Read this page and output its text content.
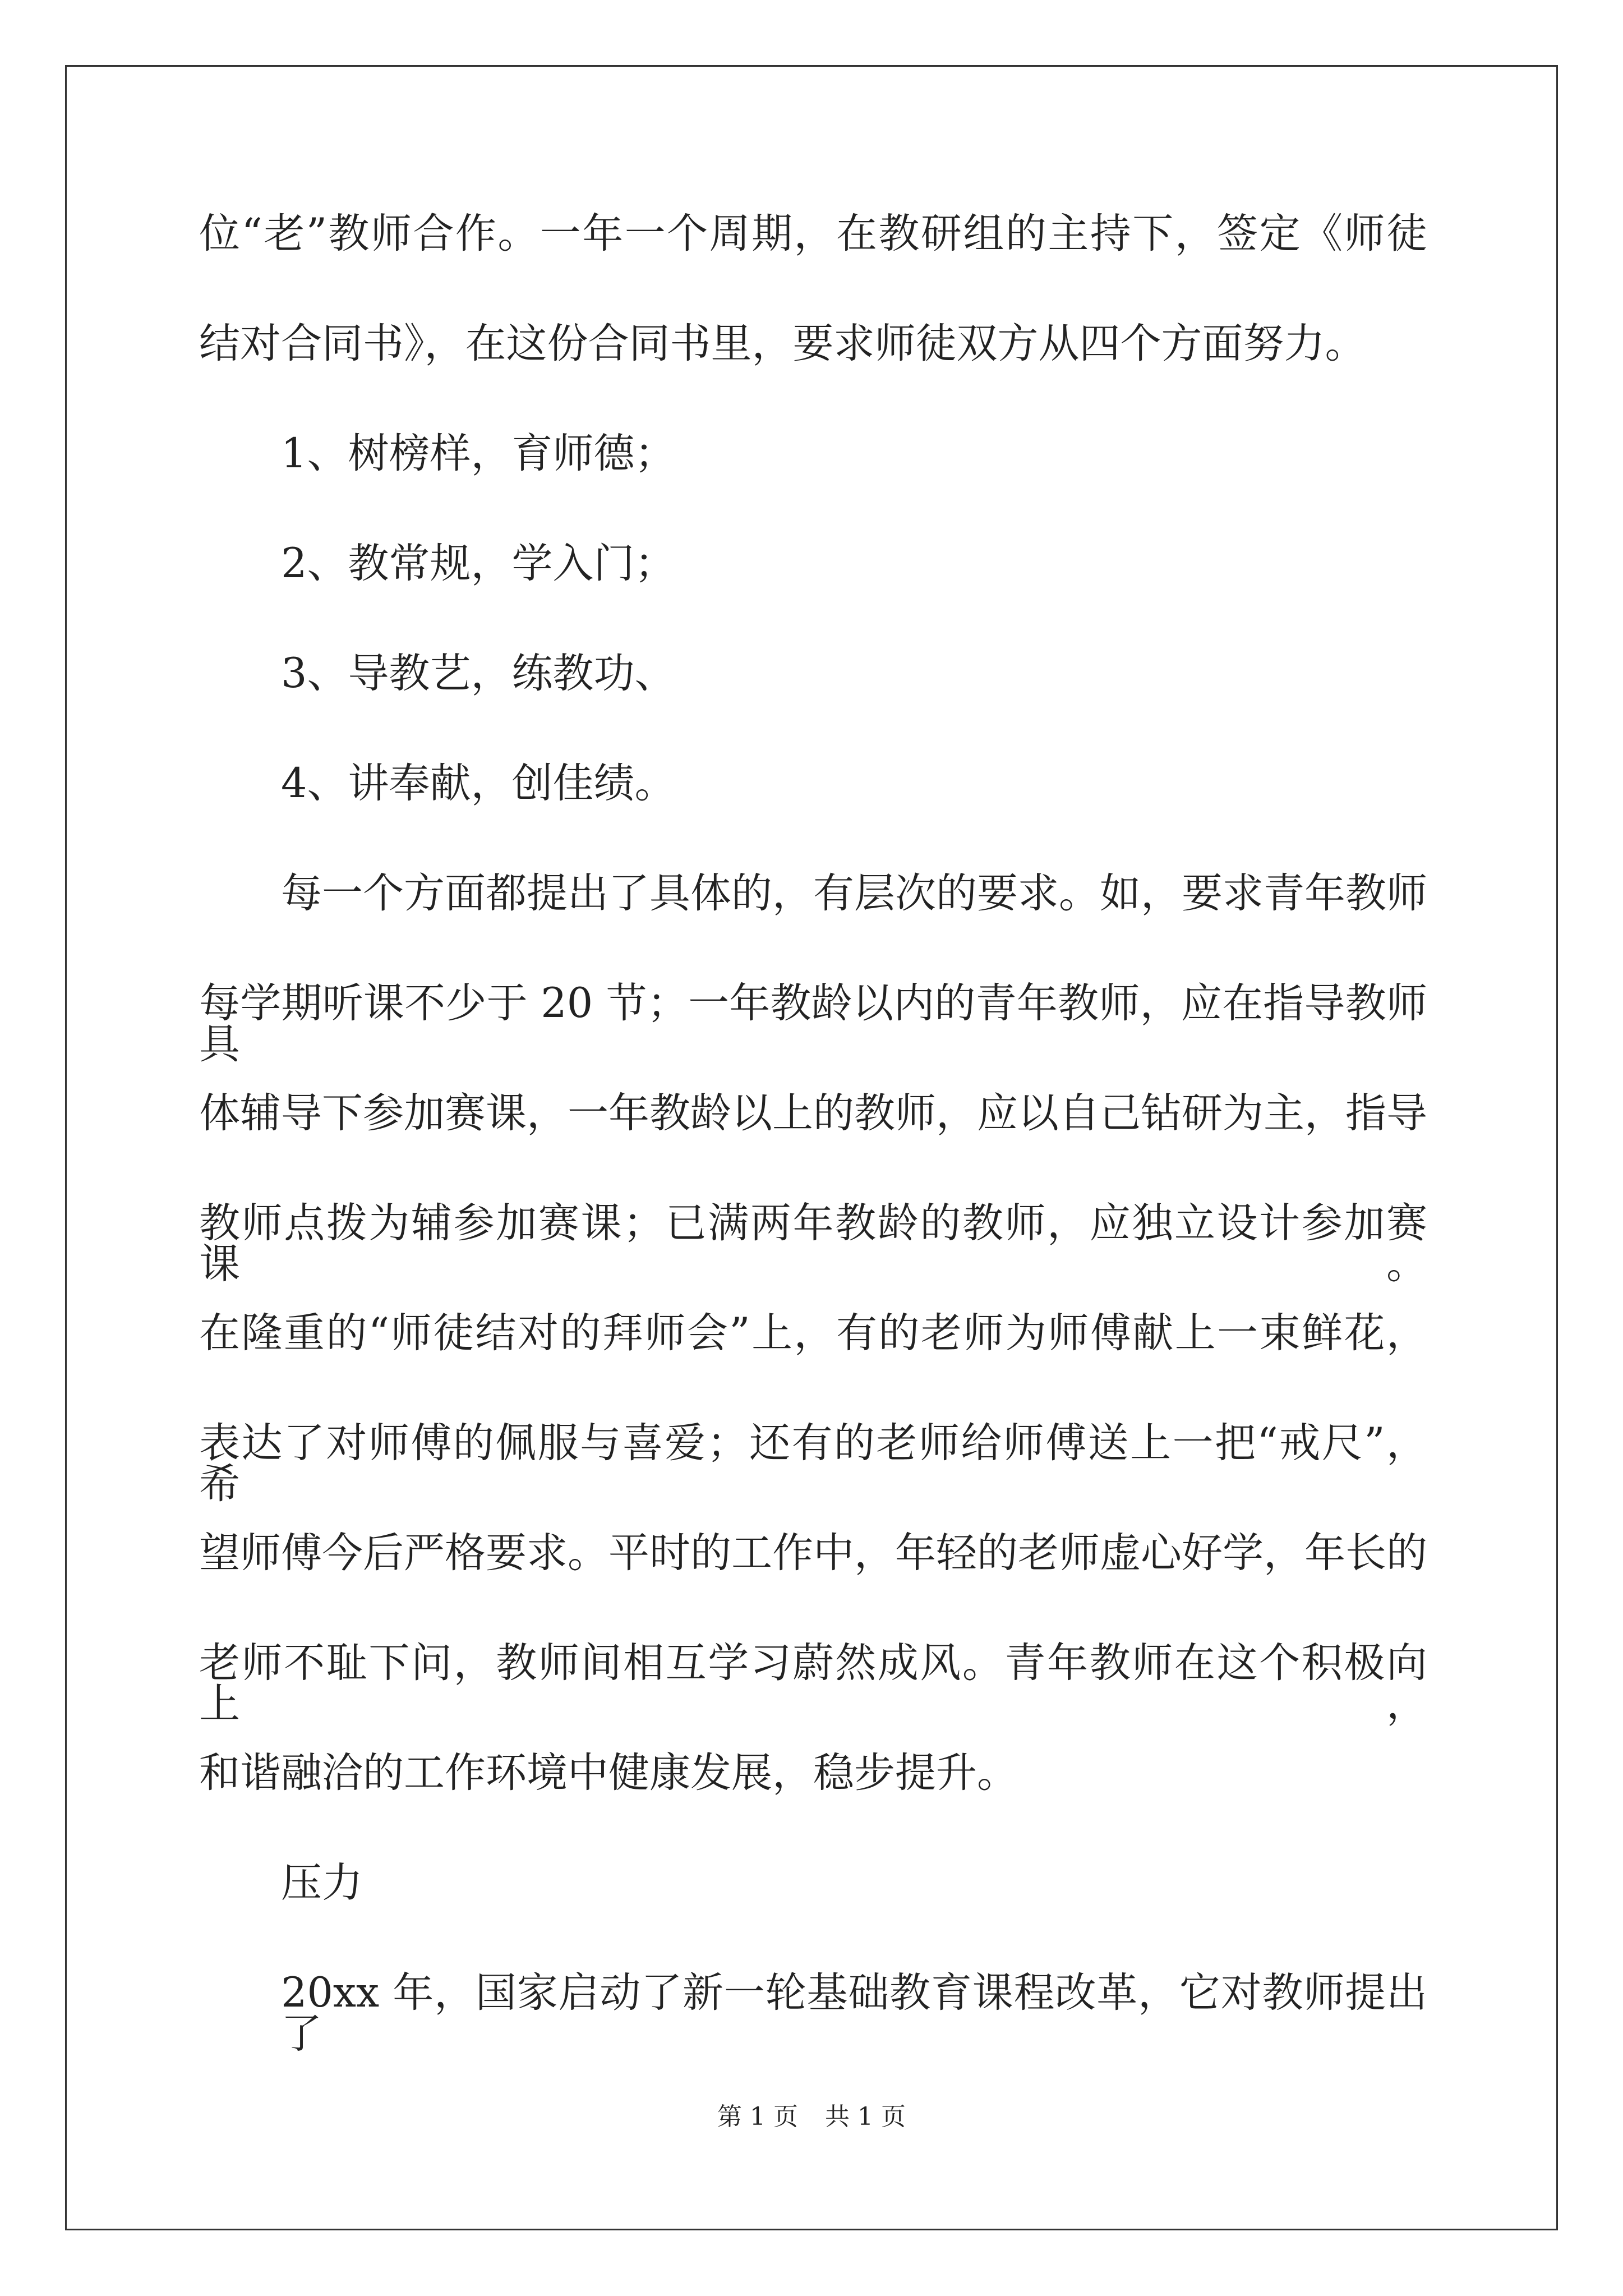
位“老”教师合作。一年一个周期，在教研组的主持下，签定《师徒
结对合同书》，在这份合同书里，要求师徒双方从四个方面努力。
1、树榜样，育师德；
2、教常规，学入门；
3、导教艺，练教功、
4、讲奉献，创佳绩。
每一个方面都提出了具体的，有层次的要求。如，要求青年教师
每学期听课不少于 20 节；一年教龄以内的青年教师，应在指导教师具
体辅导下参加赛课，一年教龄以上的教师，应以自己钻研为主，指导
教师点拨为辅参加赛课；已满两年教龄的教师，应独立设计参加赛课。
在隆重的“师徒结对的拜师会”上，有的老师为师傅献上一束鲜花，
表达了对师傅的佩服与喜爱；还有的老师给师傅送上一把“戒尺”，希
望师傅今后严格要求。平时的工作中，年轻的老师虚心好学，年长的
老师不耻下问，教师间相互学习蔚然成风。青年教师在这个积极向上，
和谐融洽的工作环境中健康发展，稳步提升。
压力
20xx 年，国家启动了新一轮基础教育课程改革，它对教师提出了
第 1 页 共 1 页
